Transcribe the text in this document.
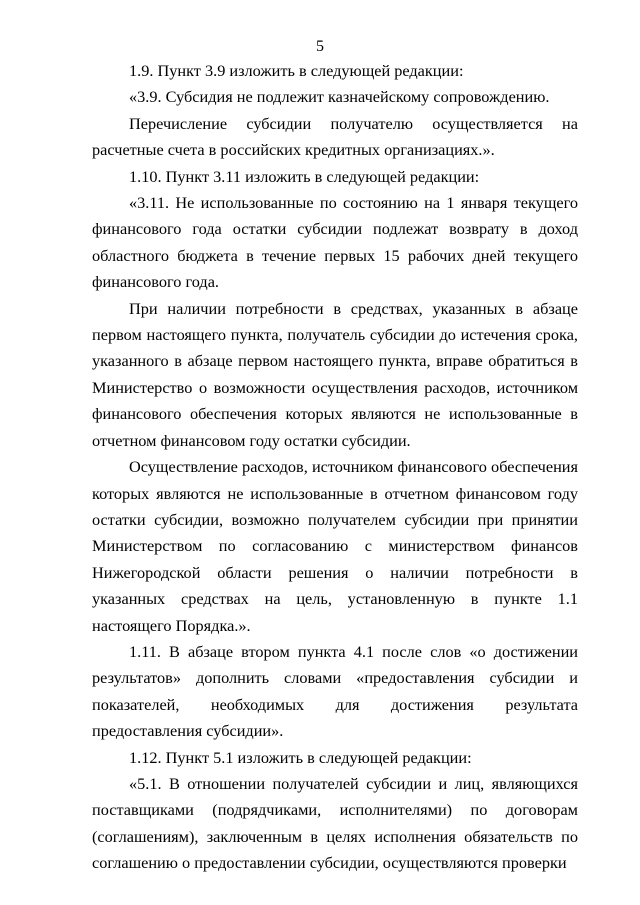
5

1.9. Пункт 3.9 изложить в следующей редакции:

«3.9. Субсидия не подлежит казначейскому сопровождению.

Перечисление субсидии получателю осуществляется на расчетные счета в российских кредитных организациях.».

1.10. Пункт 3.11 изложить в следующей редакции:

«3.11. Не использованные по состоянию на 1 января текущего финансового года остатки субсидии подлежат возврату в доход областного бюджета в течение первых 15 рабочих дней текущего финансового года.

При наличии потребности в средствах, указанных в абзаце первом настоящего пункта, получатель субсидии до истечения срока, указанного в абзаце первом настоящего пункта, вправе обратиться в Министерство о возможности осуществления расходов, источником финансового обеспечения которых являются не использованные в отчетном финансовом году остатки субсидии.

Осуществление расходов, источником финансового обеспечения которых являются не использованные в отчетном финансовом году остатки субсидии, возможно получателем субсидии при принятии Министерством по согласованию с министерством финансов Нижегородской области решения о наличии потребности в указанных средствах на цель, установленную в пункте 1.1 настоящего Порядка.».

1.11. В абзаце втором пункта 4.1 после слов «о достижении результатов» дополнить словами «предоставления субсидии и показателей, необходимых для достижения результата предоставления субсидии».

1.12. Пункт 5.1 изложить в следующей редакции:

«5.1. В отношении получателей субсидии и лиц, являющихся поставщиками (подрядчиками, исполнителями) по договорам (соглашениям), заключенным в целях исполнения обязательств по соглашению о предоставлении субсидии, осуществляются проверки
